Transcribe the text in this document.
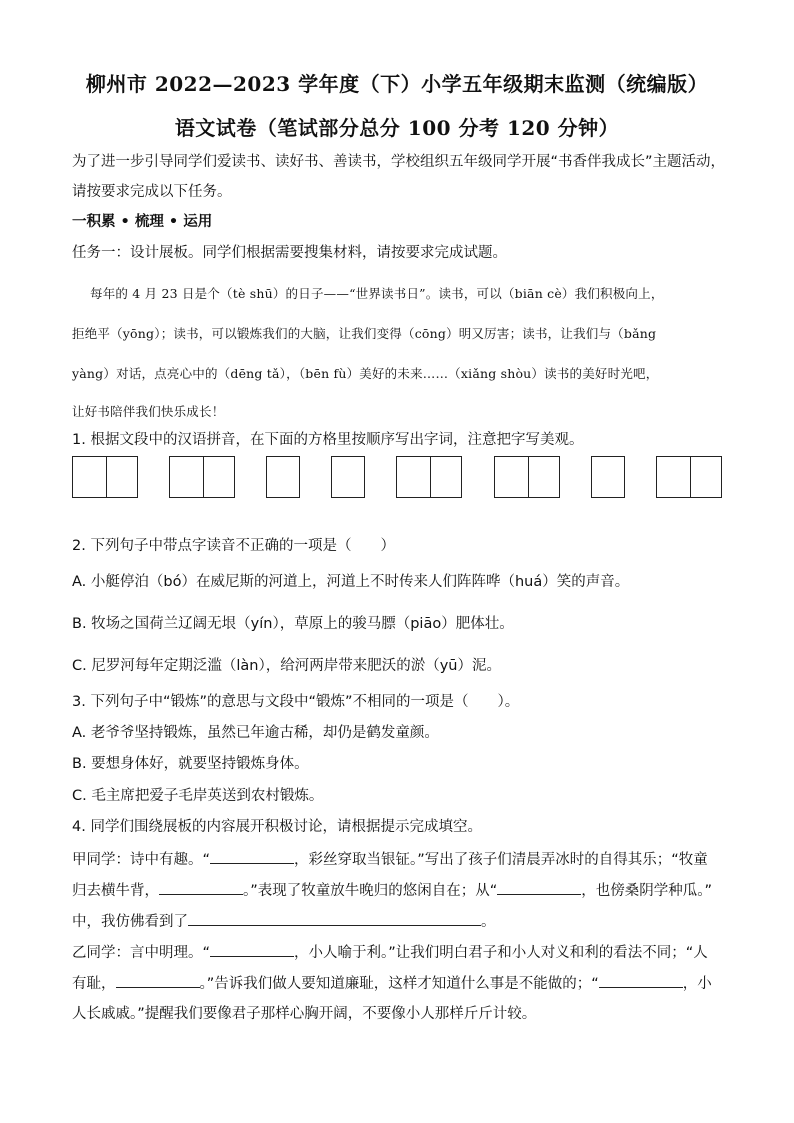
柳州市 2022—2023 学年度（下）小学五年级期末监测（统编版）
语文试卷（笔试部分总分 100 分考 120 分钟）
为了进一步引导同学们爱读书、读好书、善读书，学校组织五年级同学开展“书香伴我成长”主题活动，
请按要求完成以下任务。
一积累 • 梳理 • 运用
任务一：设计展板。同学们根据需要搜集材料，请按要求完成试题。
每年的 4 月 23 日是个（tè shū）的日子——“世界读书日”。读书，可以（biān cè）我们积极向上，
拒绝平（yōng）；读书，可以锻炼我们的大脑，让我们变得（cōng）明又厉害；读书，让我们与（bǎng
yàng）对话，点亮心中的（dēng tǎ），（bēn fù）美好的未来……（xiǎng shòu）读书的美好时光吧，
让好书陪伴我们快乐成长！
1. 根据文段中的汉语拼音，在下面的方格里按顺序写出字词，注意把字写美观。
2. 下列句子中带点字读音不正确的一项是（　　）
A. 小艇停泊（bó）在威尼斯的河道上，河道上不时传来人们阵阵哗（huá）笑的声音。
B. 牧场之国荷兰辽阔无垠（yín），草原上的骏马膘（piāo）肥体壮。
C. 尼罗河每年定期泛滥（làn），给河两岸带来肥沃的淤（yū）泥。
3. 下列句子中“锻炼”的意思与文段中“锻炼”不相同的一项是（　　）。
A. 老爷爷坚持锻炼，虽然已年逾古稀，却仍是鹤发童颜。
B. 要想身体好，就要坚持锻炼身体。
C. 毛主席把爱子毛岸英送到农村锻炼。
4. 同学们围绕展板的内容展开积极讨论，请根据提示完成填空。
甲同学：诗中有趣。“	，彩丝穿取当银钲。”写出了孩子们清晨弄冰时的自得其乐；“牧童
归去横牛背，	。”表现了牧童放牛晚归的悠闲自在；从“	，也傍桑阴学种瓜。”
中，我仿佛看到了	。
乙同学：言中明理。“	，小人喻于利。”让我们明白君子和小人对义和利的看法不同；“人
有耻，	。”告诉我们做人要知道廉耻，这样才知道什么事是不能做的；“	，小
人长戚戚。”提醒我们要像君子那样心胸开阔，不要像小人那样斤斤计较。
